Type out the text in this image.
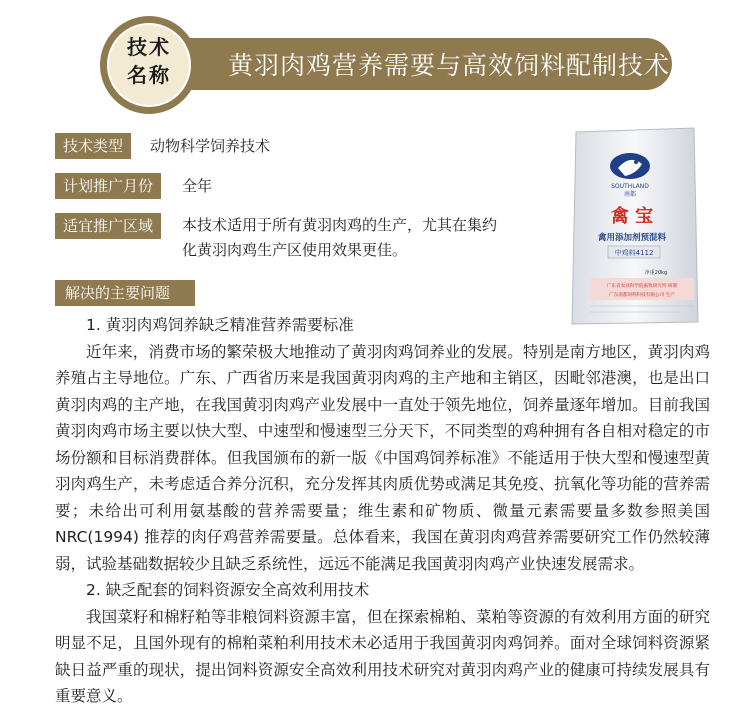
黄羽肉鸡营养需要与高效饲料配制技术
技术
名称
技术类型	动物科学饲养技术
计划推广月份	全年
适宜推广区域	本技术适用于所有黄羽肉鸡的生产，尤其在集约
化黄羽肉鸡生产区使用效果更佳。
SOUTHLAND
南都
禽 宝
禽用添加剂预混料
中鸡料4112
净重20kg
广东省农业科学院畜牧研究所 研制
广东南都饲料科技有限公司 生产
解决的主要问题

1. 黄羽肉鸡饲养缺乏精准营养需要标准

近年来，消费市场的繁荣极大地推动了黄羽肉鸡饲养业的发展。特别是南方地区，黄羽肉鸡养殖占主导地位。广东、广西省历来是我国黄羽肉鸡的主产地和主销区，因毗邻港澳，也是出口黄羽肉鸡的主产地，在我国黄羽肉鸡产业发展中一直处于领先地位，饲养量逐年增加。目前我国黄羽肉鸡市场主要以快大型、中速型和慢速型三分天下，不同类型的鸡种拥有各自相对稳定的市场份额和目标消费群体。但我国颁布的新一版《中国鸡饲养标准》不能适用于快大型和慢速型黄羽肉鸡生产，未考虑适合养分沉积，充分发挥其肉质优势或满足其免疫、抗氧化等功能的营养需要；未给出可利用氨基酸的营养需要量；维生素和矿物质、微量元素需要量多数参照美国 NRC(1994) 推荐的肉仔鸡营养需要量。总体看来，我国在黄羽肉鸡营养需要研究工作仍然较薄弱，试验基础数据较少且缺乏系统性，远远不能满足我国黄羽肉鸡产业快速发展需求。

2. 缺乏配套的饲料资源安全高效利用技术

我国菜籽和棉籽粕等非粮饲料资源丰富，但在探索棉粕、菜粕等资源的有效利用方面的研究明显不足，且国外现有的棉粕菜粕利用技术未必适用于我国黄羽肉鸡饲养。面对全球饲料资源紧缺日益严重的现状，提出饲料资源安全高效利用技术研究对黄羽肉鸡产业的健康可持续发展具有重要意义。
